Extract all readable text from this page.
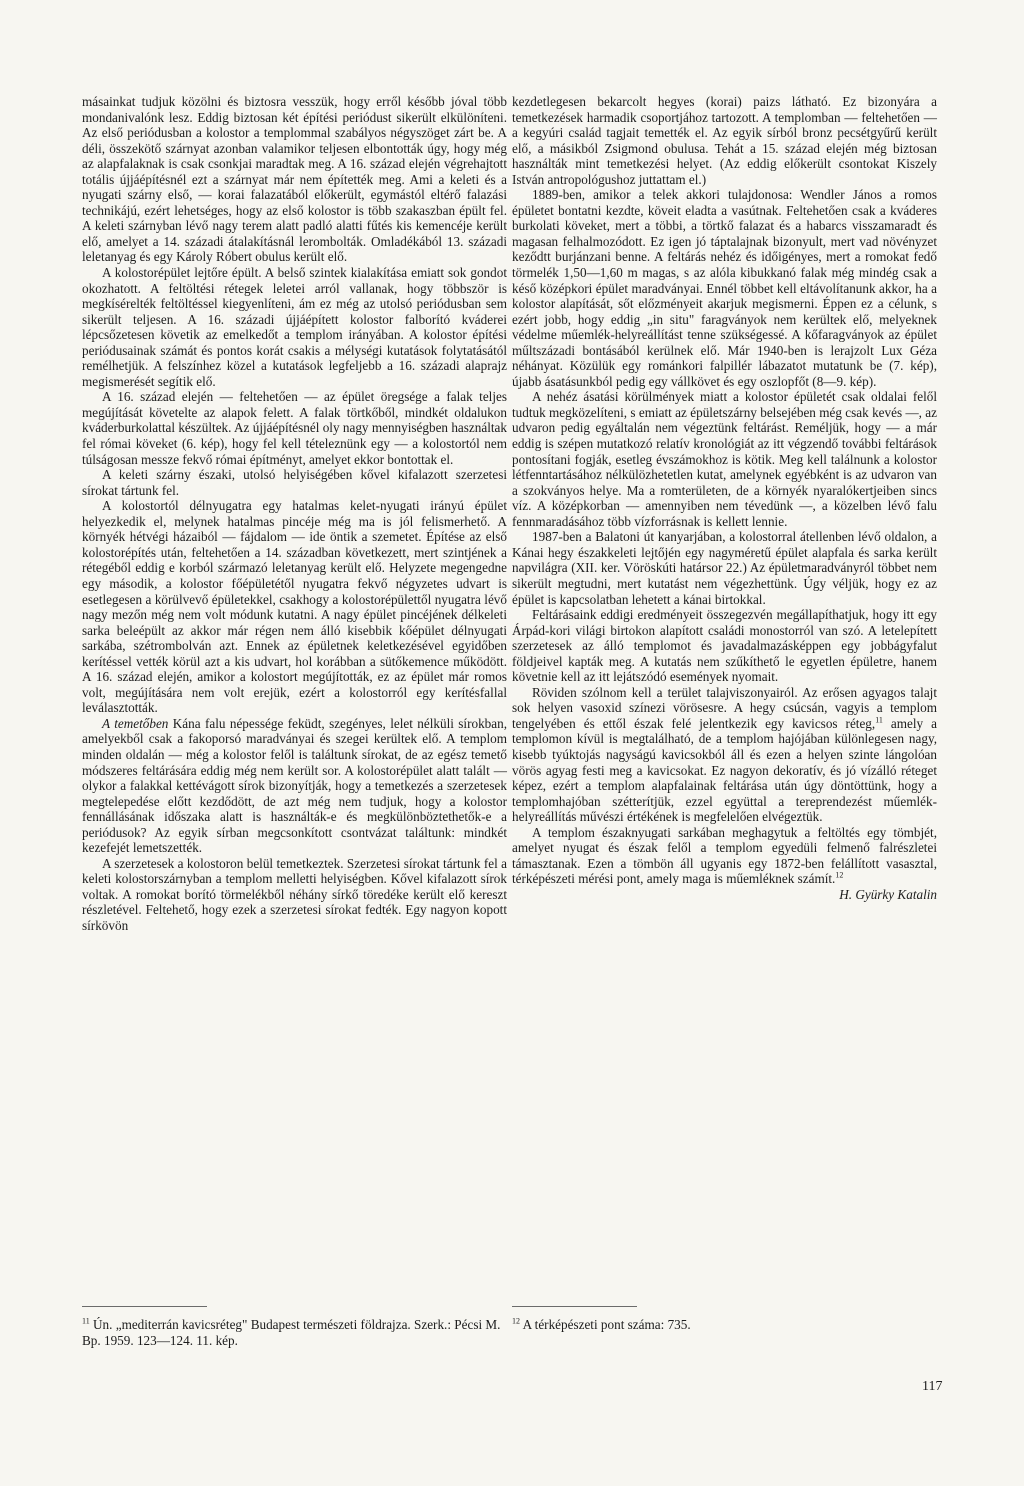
másainkat tudjuk közölni és biztosra vesszük, hogy erről később jóval több mondanivalónk lesz. Eddig biztosan két építési periódust sikerült elkülöníteni. Az első periódusban a kolostor a templommal szabályos négyszöget zárt be. A déli, összekötő szárnyat azonban valamikor teljesen elbontották úgy, hogy még az alapfalaknak is csak csonkjai maradtak meg. A 16. század elején végrehajtott totális újjáépítésnél ezt a szárnyat már nem építették meg. Ami a keleti és a nyugati szárny első, — korai falazatából előkerült, egymástól eltérő falazási technikájú, ezért lehetséges, hogy az első kolostor is több szakaszban épült fel. A keleti szárnyban lévő nagy terem alatt padló alatti fűtés kis kemencéje került elő, amelyet a 14. századi átalakításnál lerombolták. Omladékából 13. századi leletanyag és egy Károly Róbert obulus került elő.

A kolostorépület lejtőre épült. A belső szintek kialakítása emiatt sok gondot okozhatott. A feltöltési rétegek leletei arról vallanak, hogy többször is megkísérelték feltöltéssel kiegyenlíteni, ám ez még az utolsó periódusban sem sikerült teljesen. A 16. századi újjáépített kolostor falborító kváderei lépcsőzetesen követik az emelkedőt a templom irányában. A kolostor építési periódusainak számát és pontos korát csakis a mélységi kutatások folytatásától remélhetjük. A felszínhez közel a kutatások legfeljebb a 16. századi alaprajz megismerését segítik elő.

A 16. század elején — feltehetően — az épület öregsége a falak teljes megújítását követelte az alapok felett. A falak törtkőből, mindkét oldalukon kváderburkolattal készültek. Az újjáépítésnél oly nagy mennyiségben használtak fel római köveket (6. kép), hogy fel kell tételeznünk egy — a kolostortól nem túlságosan messze fekvő római építményt, amelyet ekkor bontottak el.

A keleti szárny északi, utolsó helyiségében kővel kifalazott szerzetesi sírokat tártunk fel.

A kolostortól délnyugatra egy hatalmas kelet-nyugati irányú épület helyezkedik el, melynek hatalmas pincéje még ma is jól felismerhető. A környék hétvégi házaiból — fájdalom — ide öntik a szemetet. Építése az első kolostorépítés után, feltehetően a 14. században következett, mert szintjének a rétegéből eddig e korból származó leletanyag került elő. Helyzete megengedne egy második, a kolostor főépületétől nyugatra fekvő négyzetes udvart is esetlegesen a körülvevő épületekkel, csakhogy a kolostorépülettől nyugatra lévő nagy mezőn még nem volt módunk kutatni. A nagy épület pincéjének délkeleti sarka beleépült az akkor már régen nem álló kisebbik kőépület délnyugati sarkába, szétrombolván azt. Ennek az épületnek keletkezésével egyidőben kerítéssel vették körül azt a kis udvart, hol korábban a sütőkemence működött. A 16. század elején, amikor a kolostort megújították, ez az épület már romos volt, megújítására nem volt erejük, ezért a kolostorról egy kerítésfallal leválasztották.

A temetőben Kána falu népessége feküdt, szegényes, lelet nélküli sírokban, amelyekből csak a fakoporsó maradványai és szegei kerültek elő. A templom minden oldalán — még a kolostor felől is találtunk sírokat, de az egész temető módszeres feltárására eddig még nem került sor. A kolostorépület alatt talált — olykor a falakkal kettévágott sírok bizonyítják, hogy a temetkezés a szerzetesek megtelepedése előtt kezdődött, de azt még nem tudjuk, hogy a kolostor fennállásának időszaka alatt is használták-e és megkülönböztethetők-e a periódusok? Az egyik sírban megcsonkított csontvázat találtunk: mindkét kezefejét lemetszették.

A szerzetesek a kolostoron belül temetkeztek. Szerzetesi sírokat tártunk fel a keleti kolostorszárnyban a templom melletti helyiségben. Kővel kifalazott sírok voltak. A romokat borító törmelékből néhány sírkő töredéke került elő kereszt részletével. Feltehető, hogy ezek a szerzetesi sírokat fedték. Egy nagyon kopott sírkövön

kezdetlegesen bekarcolt hegyes (korai) paizs látható. Ez bizonyára a temetkezések harmadik csoportjához tartozott. A templomban — feltehetően — a kegyúri család tagjait temették el. Az egyik sírból bronz pecsétgyűrű került elő, a másikból Zsigmond obulusa. Tehát a 15. század elején még biztosan használták mint temetkezési helyet. (Az eddig előkerült csontokat Kiszely István antropológushoz juttattam el.)

1889-ben, amikor a telek akkori tulajdonosa: Wendler János a romos épületet bontatni kezdte, köveit eladta a vasútnak. Feltehetően csak a kváderes burkolati köveket, mert a többi, a törtkő falazat és a habarcs visszamaradt és magasan felhalmozódott. Ez igen jó táptalajnak bizonyult, mert vad növényzet keződtt burjánzani benne. A feltárás nehéz és időigényes, mert a romokat fedő törmelék 1,50—1,60 m magas, s az alóla kibukkanó falak még mindég csak a késő középkori épület maradványai. Ennél többet kell eltávolítanunk akkor, ha a kolostor alapítását, sőt előzményeit akarjuk megismerni. Éppen ez a célunk, s ezért jobb, hogy eddig „in situ" faragványok nem kerültek elő, melyeknek védelme műemlék-helyreállítást tenne szükségessé. A kőfaragványok az épület műltszázadi bontásából kerülnek elő. Már 1940-ben is lerajzolt Lux Géza néhányat. Közülük egy románkori falpillér lábazatot mutatunk be (7. kép), újabb ásatásunkból pedig egy vállkövet és egy oszlopfőt (8—9. kép).

A nehéz ásatási körülmények miatt a kolostor épületét csak oldalai felől tudtuk megközelíteni, s emiatt az épületszárny belsejében még csak kevés —, az udvaron pedig egyáltalán nem végeztünk feltárást. Reméljük, hogy — a már eddig is szépen mutatkozó relatív kronológiát az itt végzendő további feltárások pontosítani fogják, esetleg évszámokhoz is kötik. Meg kell találnunk a kolostor létfenntartásához nélkülözhetetlen kutat, amelynek egyébként is az udvaron van a szokványos helye. Ma a romterületen, de a környék nyaralókertjeiben sincs víz. A középkorban — amennyiben nem tévedünk —, a közelben lévő falu fennmaradásához több vízforrásnak is kellett lennie.

1987-ben a Balatoni út kanyarjában, a kolostorral átellenben lévő oldalon, a Kánai hegy északkeleti lejtőjén egy nagyméretű épület alapfala és sarka került napvilágra (XII. ker. Vöröskúti határsor 22.) Az épületmaradványról többet nem sikerült megtudni, mert kutatást nem végezhettünk. Úgy véljük, hogy ez az épület is kapcsolatban lehetett a kánai birtokkal.

Feltárásaink eddigi eredményeit összegezvén megállapíthatjuk, hogy itt egy Árpád-kori világi birtokon alapított családi monostorról van szó. A letelepített szerzetesek az álló templomot és javadalmazásképpen egy jobbágyfalut földjeivel kapták meg. A kutatás nem szűkíthető le egyetlen épületre, hanem követnie kell az itt lejátszódó események nyomait.

Röviden szólnom kell a terület talajviszonyairól. Az erősen agyagos talajt sok helyen vasoxid színezi vörösesre. A hegy csúcsán, vagyis a templom tengelyében és ettől észak felé jelentkezik egy kavicsos réteg,$^{11}$ amely a templomon kívül is megtalálható, de a templom hajójában különlegesen nagy, kisebb tyúktojás nagyságú kavicsokból áll és ezen a helyen szinte lángolóan vörös agyag festi meg a kavicsokat. Ez nagyon dekoratív, és jó vízálló réteget képez, ezért a templom alapfalainak feltárása után úgy döntöttünk, hogy a templomhajóban szétterítjük, ezzel együttal a tereprendezést műemlék-helyreállítás művészi értékének is megfelelően elvégeztük.

A templom északnyugati sarkában meghagytuk a feltöltés egy tömbjét, amelyet nyugat és észak felől a templom egyedüli felmenő falrészletei támasztanak. Ezen a tömbön áll ugyanis egy 1872-ben felállított vasasztal, térképészeti mérési pont, amely maga is műemléknek számít.$^{12}$

H. Gyürky Katalin

$^{11}$ Ún. „mediterrán kavicsréteg" Budapest természeti földrajza. Szerk.: Pécsi M. Bp. 1959. 123—124. 11. kép.
$^{12}$ A térképészeti pont száma: 735.
117
